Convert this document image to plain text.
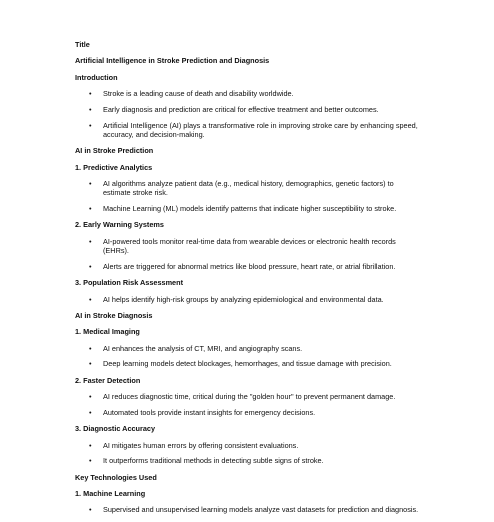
Title
Artificial Intelligence in Stroke Prediction and Diagnosis
Introduction
• Stroke is a leading cause of death and disability worldwide.
• Early diagnosis and prediction are critical for effective treatment and better outcomes.
• Artificial Intelligence (AI) plays a transformative role in improving stroke care by enhancing speed, accuracy, and decision-making.
AI in Stroke Prediction
1. Predictive Analytics
• AI algorithms analyze patient data (e.g., medical history, demographics, genetic factors) to estimate stroke risk.
• Machine Learning (ML) models identify patterns that indicate higher susceptibility to stroke.
2. Early Warning Systems
• AI-powered tools monitor real-time data from wearable devices or electronic health records (EHRs).
• Alerts are triggered for abnormal metrics like blood pressure, heart rate, or atrial fibrillation.
3. Population Risk Assessment
• AI helps identify high-risk groups by analyzing epidemiological and environmental data.
AI in Stroke Diagnosis
1. Medical Imaging
• AI enhances the analysis of CT, MRI, and angiography scans.
• Deep learning models detect blockages, hemorrhages, and tissue damage with precision.
2. Faster Detection
• AI reduces diagnostic time, critical during the "golden hour" to prevent permanent damage.
• Automated tools provide instant insights for emergency decisions.
3. Diagnostic Accuracy
• AI mitigates human errors by offering consistent evaluations.
• It outperforms traditional methods in detecting subtle signs of stroke.
Key Technologies Used
1. Machine Learning
• Supervised and unsupervised learning models analyze vast datasets for prediction and diagnosis.
